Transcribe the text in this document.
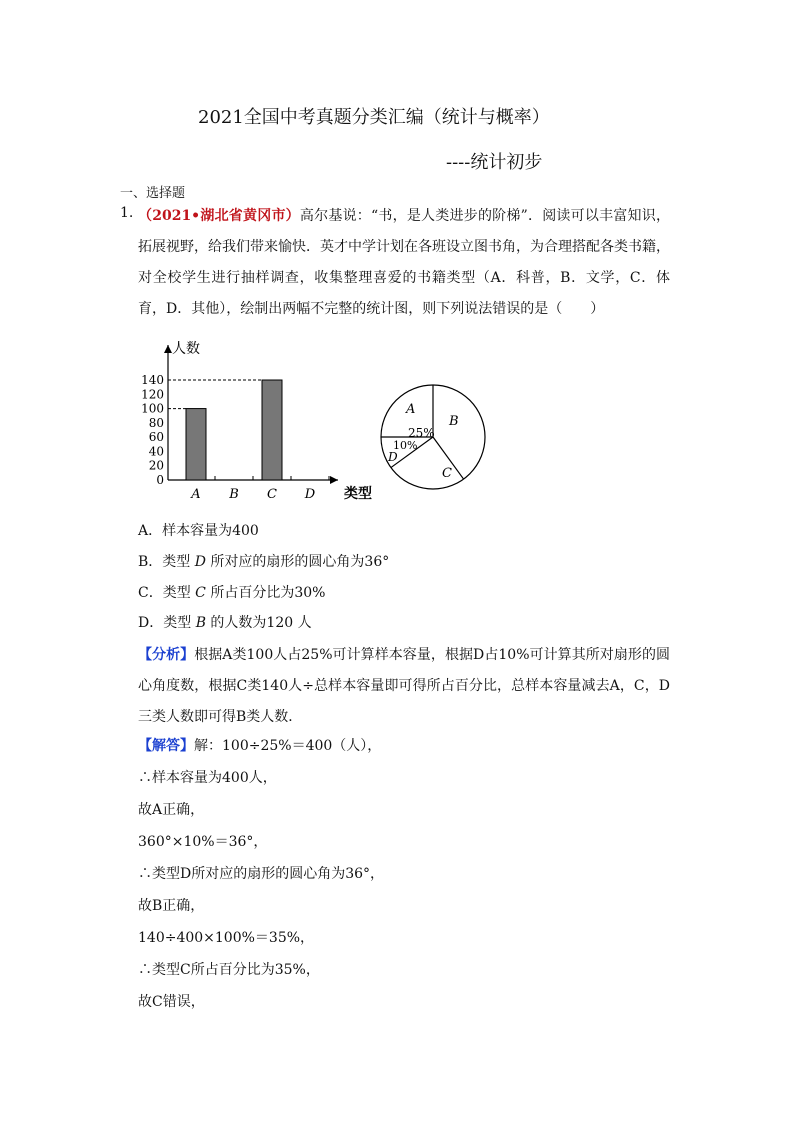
2021全国中考真题分类汇编（统计与概率）
----统计初步
一、选择题
1. （2021•湖北省黄冈市）高尔基说：“书，是人类进步的阶梯”．阅读可以丰富知识，拓展视野，给我们带来愉快．英才中学计划在各班设立图书角，为合理搭配各类书籍，对全校学生进行抽样调查，收集整理喜爱的书籍类型（A．科普，B．文学，C．体育，D．其他），绘制出两幅不完整的统计图，则下列说法错误的是（　　）
人数
类型
0
20
40
60
80
100
120
140
A B C D
A
25%
B
C
10%
D
A．样本容量为400
B．类型 D 所对应的扇形的圆心角为36°
C．类型 C 所占百分比为30%
D．类型 B 的人数为120 人
【分析】根据A类100人占25%可计算样本容量，根据D占10%可计算其所对扇形的圆心角度数，根据C类140人÷总样本容量即可得所占百分比，总样本容量减去A，C，D三类人数即可得B类人数．
【解答】解：100÷25%＝400（人），
∴样本容量为400人，
故A正确，
360°×10%＝36°，
∴类型D所对应的扇形的圆心角为36°，
故B正确，
140÷400×100%＝35%，
∴类型C所占百分比为35%，
故C错误，
